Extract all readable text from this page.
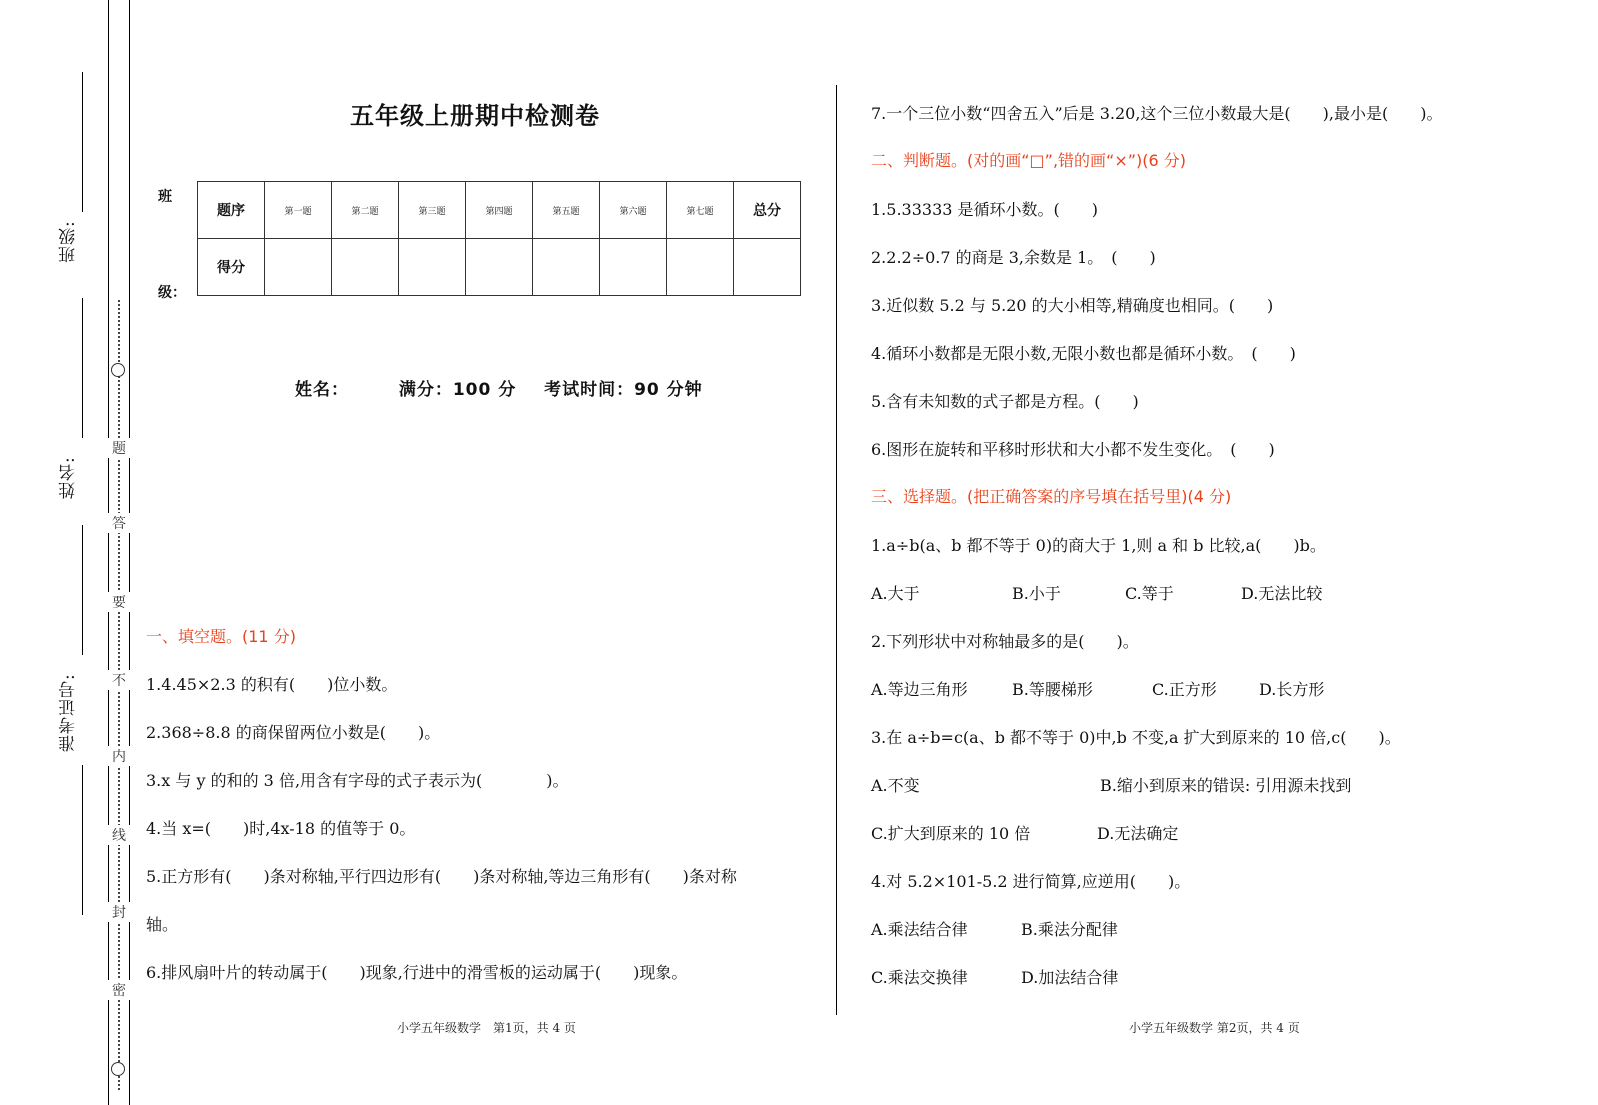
班级:
姓名:
准考证号:
题
答
要
不
内
线
封
密
五年级上册期中检测卷
班
级：
题序	第一题	第二题	第三题	第四题	第五题	第六题	第七题	总分
得分								
姓名：	满分：100 分 考试时间：90 分钟
一、填空题。(11 分)
1.4.45×2.3 的积有(　　)位小数。
2.368÷8.8 的商保留两位小数是(　　)。
3.x 与 y 的和的 3 倍,用含有字母的式子表示为(　　　　)。
4.当 x=(　　)时,4x-18 的值等于 0。
5.正方形有(　　)条对称轴,平行四边形有(　　)条对称轴,等边三角形有(　　)条对称
轴。
6.排风扇叶片的转动属于(　　)现象,行进中的滑雪板的运动属于(　　)现象。
小学五年级数学　第1页，共 4 页
7.一个三位小数“四舍五入”后是 3.20,这个三位小数最大是(　　),最小是(　　)。
二、判断题。(对的画“□”,错的画“×”)(6 分)
1.5.33333 是循环小数。(　　)
2.2.2÷0.7 的商是 3,余数是 1。　(　　)
3.近似数 5.2 与 5.20 的大小相等,精确度也相同。(　　)
4.循环小数都是无限小数,无限小数也都是循环小数。　(　　)
5.含有未知数的式子都是方程。(　　)
6.图形在旋转和平移时形状和大小都不发生变化。　(　　)
三、选择题。(把正确答案的序号填在括号里)(4 分)
1.a÷b(a、b 都不等于 0)的商大于 1,则 a 和 b 比较,a(　　)b。
A.大于	B.小于	C.等于	D.无法比较
2.下列形状中对称轴最多的是(　　)。
A.等边三角形	B.等腰梯形	C.正方形	D.长方形
3.在 a÷b=c(a、b 都不等于 0)中,b 不变,a 扩大到原来的 10 倍,c(　　)。
A.不变	B.缩小到原来的错误: 引用源未找到
C.扩大到原来的 10 倍	D.无法确定
4.对 5.2×101-5.2 进行简算,应逆用(　　)。
A.乘法结合律	B.乘法分配律
C.乘法交换律	D.加法结合律
小学五年级数学 第2页，共 4 页
